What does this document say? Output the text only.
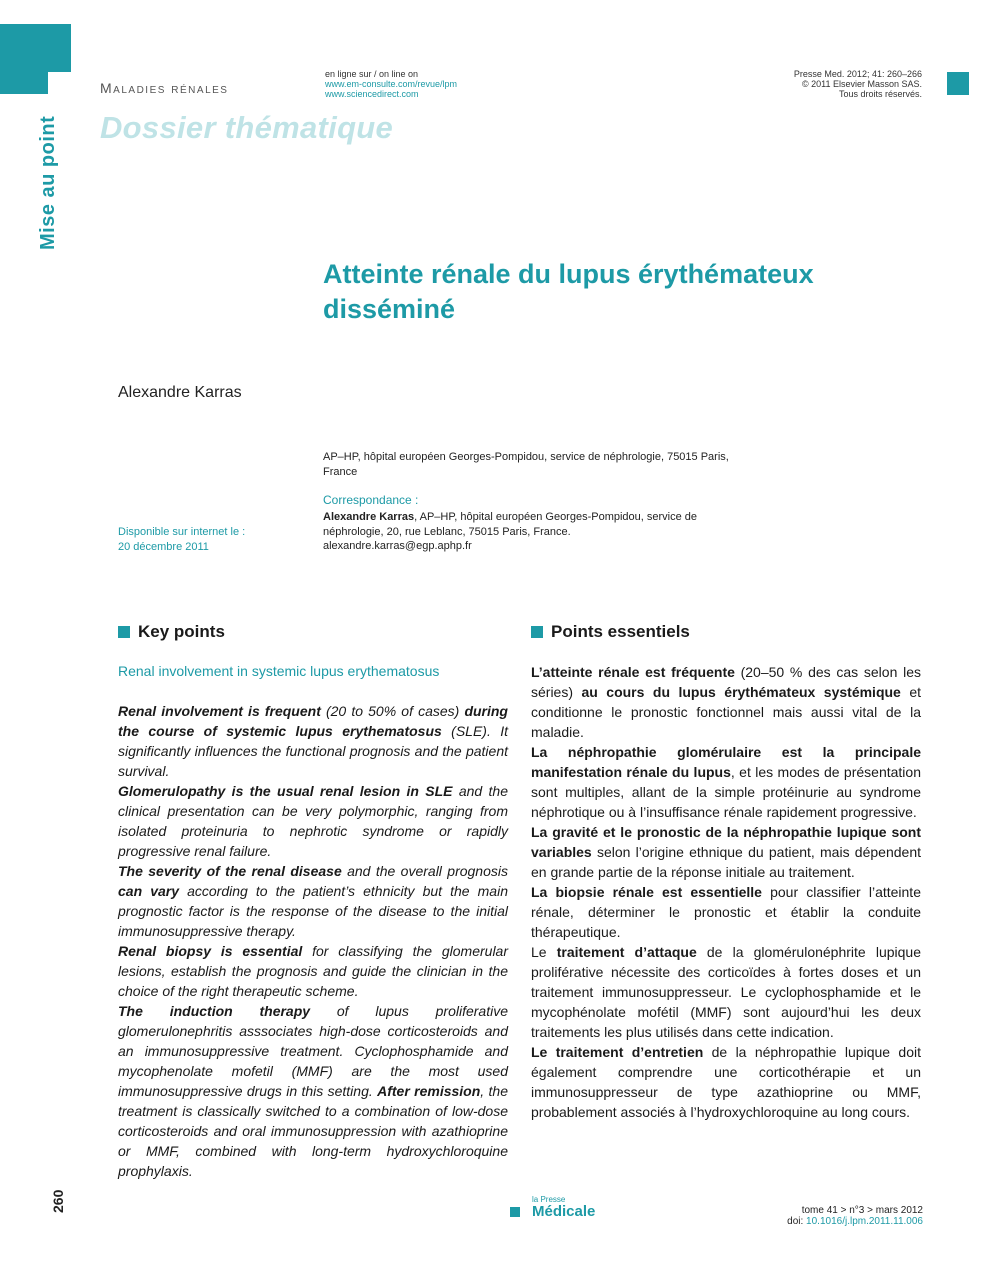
Mise au point
Maladies rénales
Dossier thématique
en ligne sur / on line on
www.em-consulte.com/revue/lpm
www.sciencedirect.com
Presse Med. 2012; 41: 260–266
© 2011 Elsevier Masson SAS.
Tous droits réservés.
Atteinte rénale du lupus érythémateux
disséminé
Alexandre Karras
AP–HP, hôpital européen Georges-Pompidou, service de néphrologie, 75015 Paris,
France
Correspondance :
Alexandre Karras, AP–HP, hôpital européen Georges-Pompidou, service de
néphrologie, 20, rue Leblanc, 75015 Paris, France.
alexandre.karras@egp.aphp.fr
Disponible sur internet le :
20 décembre 2011
Key points
Renal involvement in systemic lupus erythematosus

Renal involvement is frequent (20 to 50% of cases) during the course of systemic lupus erythematosus (SLE). It significantly influences the functional prognosis and the patient survival.

Glomerulopathy is the usual renal lesion in SLE and the clinical presentation can be very polymorphic, ranging from isolated proteinuria to nephrotic syndrome or rapidly progressive renal failure.

The severity of the renal disease and the overall prognosis can vary according to the patient’s ethnicity but the main prognostic factor is the response of the disease to the initial immunosuppressive therapy.

Renal biopsy is essential for classifying the glomerular lesions, establish the prognosis and guide the clinician in the choice of the right therapeutic scheme.

The induction therapy of lupus proliferative glomerulonephritis asssociates high-dose corticosteroids and an immunosuppressive treatment. Cyclophosphamide and mycophenolate mofetil (MMF) are the most used immunosuppressive drugs in this setting. After remission, the treatment is classically switched to a combination of low-dose corticosteroids and oral immunosuppression with azathioprine or MMF, combined with long-term hydroxychloroquine prophylaxis.

Points essentiels

L’atteinte rénale est fréquente (20–50 % des cas selon les séries) au cours du lupus érythémateux systémique et conditionne le pronostic fonctionnel mais aussi vital de la maladie.

La néphropathie glomérulaire est la principale manifestation rénale du lupus, et les modes de présentation sont multiples, allant de la simple protéinurie au syndrome néphrotique ou à l’insuffisance rénale rapidement progressive.

La gravité et le pronostic de la néphropathie lupique sont variables selon l’origine ethnique du patient, mais dépendent en grande partie de la réponse initiale au traitement.

La biopsie rénale est essentielle pour classifier l’atteinte rénale, déterminer le pronostic et établir la conduite thérapeutique.

Le traitement d’attaque de la glomérulonéphrite lupique proliférative nécessite des corticoïdes à fortes doses et un traitement immunosuppresseur. Le cyclophosphamide et le mycophénolate mofétil (MMF) sont aujourd’hui les deux traitements les plus utilisés dans cette indication.

Le traitement d’entretien de la néphropathie lupique doit également comprendre une corticothérapie et un immunosuppresseur de type azathioprine ou MMF, probablement associés à l’hydroxychloroquine au long cours.

260	la Presse
Médicale	tome 41 > n°3 > mars 2012
doi: 10.1016/j.lpm.2011.11.006
